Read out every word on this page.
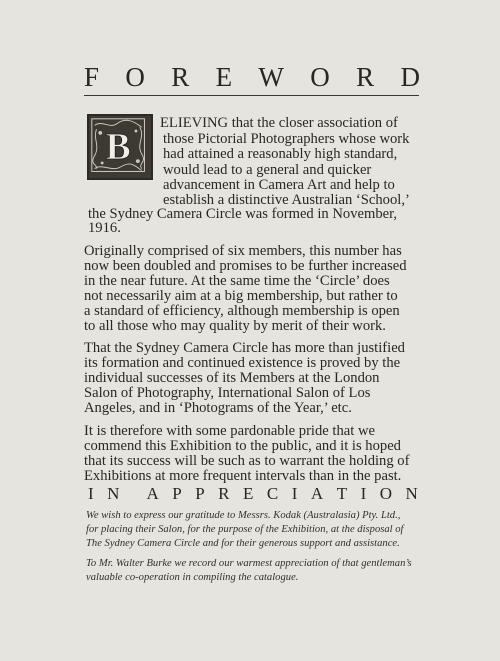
F O R E W O R D
B
ELIEVING that the closer association of
those Pictorial Photographers whose work
had attained a reasonably high standard,
would lead to a general and quicker
advancement in Camera Art and help to
establish a distinctive Australian ‘School,’
the Sydney Camera Circle was formed in November,
1916.
Originally comprised of six members, this number has
now been doubled and promises to be further increased
in the near future. At the same time the ‘Circle’ does
not necessarily aim at a big membership, but rather to
a standard of efficiency, although membership is open
to all those who may quality by merit of their work.
That the Sydney Camera Circle has more than justified
its formation and continued existence is proved by the
individual successes of its Members at the London
Salon of Photography, International Salon of Los
Angeles, and in ‘Photograms of the Year,’ etc.
It is therefore with some pardonable pride that we
commend this Exhibition to the public, and it is hoped
that its success will be such as to warrant the holding of
Exhibitions at more frequent intervals than in the past.
I N A P P R E C I A T I O N
We wish to express our gratitude to Messrs. Kodak (Australasia) Pty. Ltd.,
for placing their Salon, for the purpose of the Exhibition, at the disposal of
The Sydney Camera Circle and for their generous support and assistance.
To Mr. Walter Burke we record our warmest appreciation of that gentleman’s
valuable co-operation in compiling the catalogue.
